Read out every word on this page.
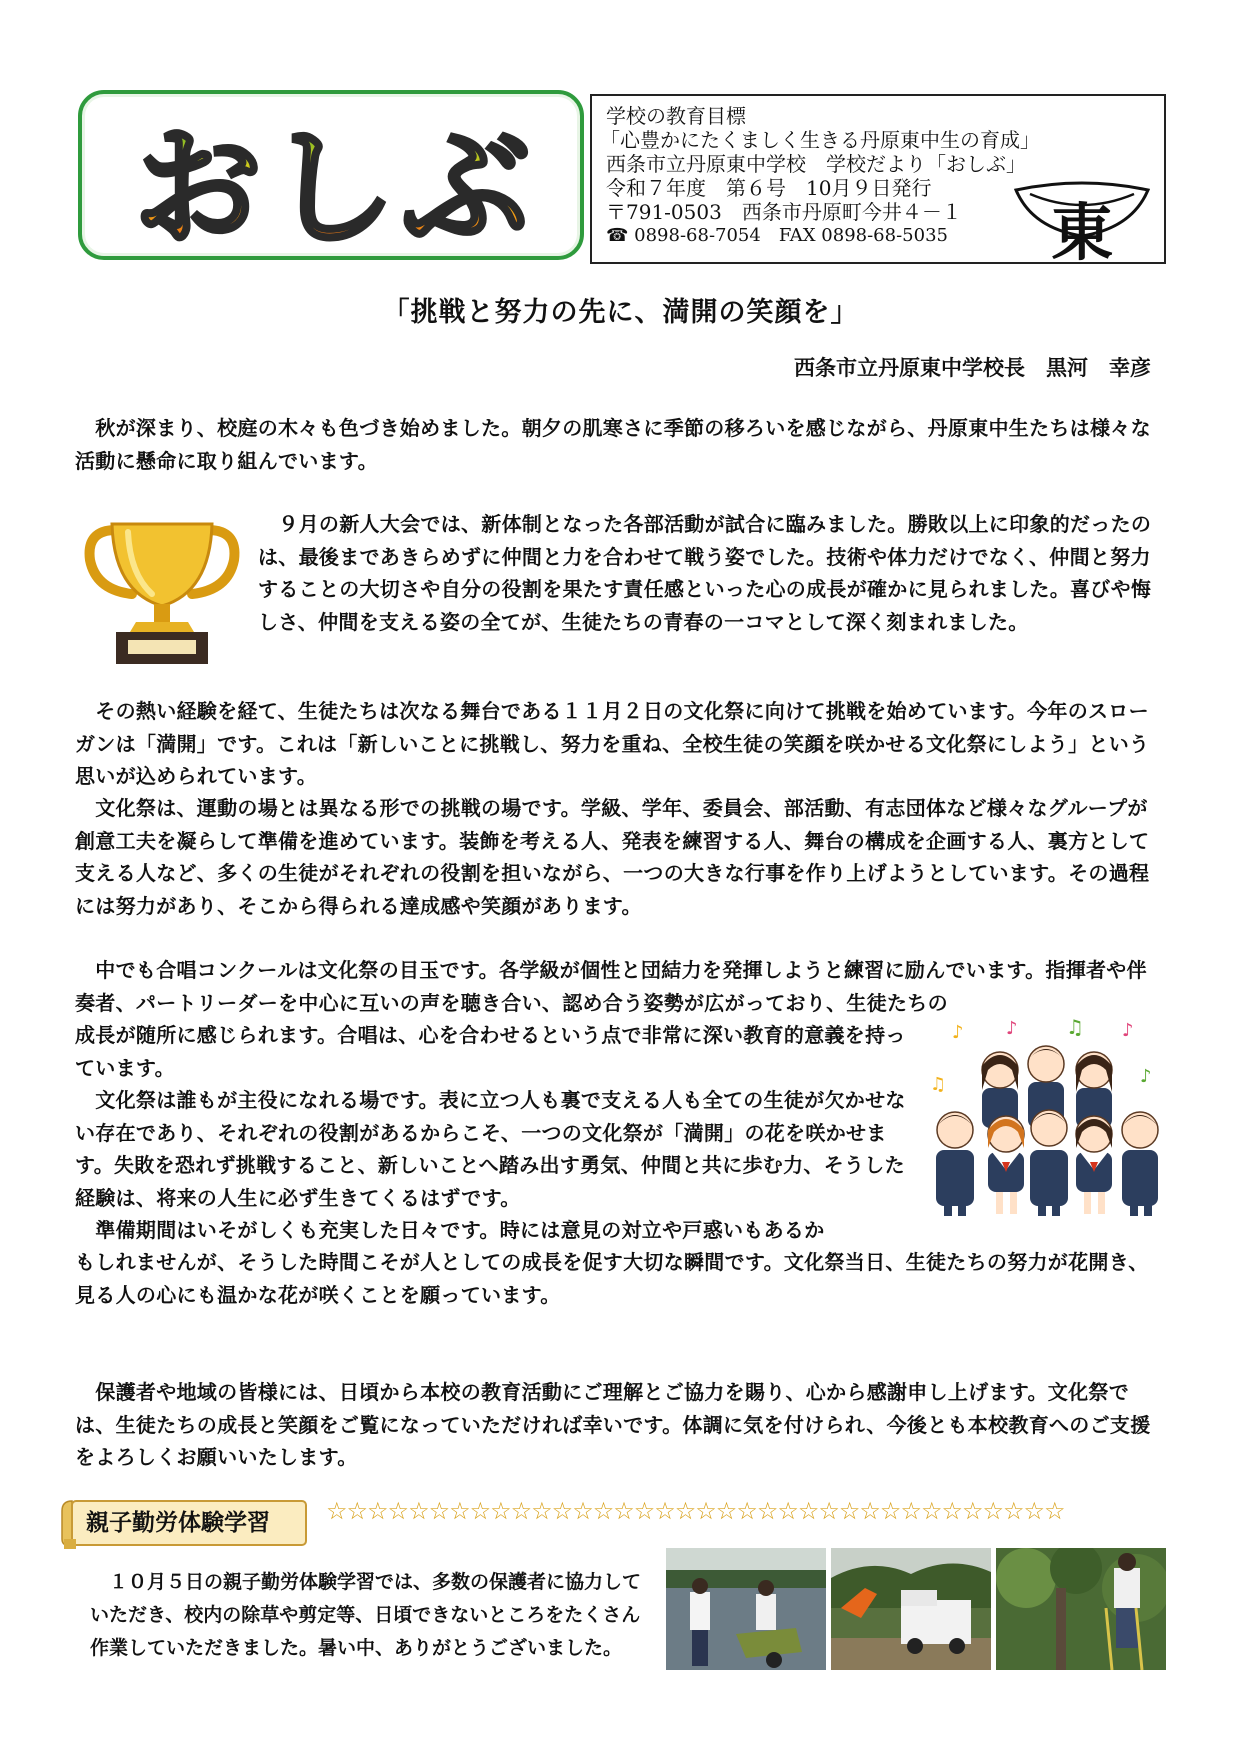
おしぶ	学校の教育目標
「心豊かにたくましく生きる丹原東中生の育成」
西条市立丹原東中学校　学校だより「おしぶ」
令和７年度　第６号　10月９日発行
〒791-0503　西条市丹原町今井４－１
☎ 0898-68-7054　FAX 0898-68-5035 東
「挑戦と努力の先に、満開の笑顔を」
西条市立丹原東中学校長　黒河　幸彦
　秋が深まり、校庭の木々も色づき始めました。朝夕の肌寒さに季節の移ろいを感じながら、丹原東中生たちは様々な活動に懸命に取り組んでいます。
　９月の新人大会では、新体制となった各部活動が試合に臨みました。勝敗以上に印象的だったのは、最後まであきらめずに仲間と力を合わせて戦う姿でした。技術や体力だけでなく、仲間と努力することの大切さや自分の役割を果たす責任感といった心の成長が確かに見られました。喜びや悔しさ、仲間を支える姿の全てが、生徒たちの青春の一コマとして深く刻まれました。
　その熱い経験を経て、生徒たちは次なる舞台である１１月２日の文化祭に向けて挑戦を始めています。今年のスローガンは「満開」です。これは「新しいことに挑戦し、努力を重ね、全校生徒の笑顔を咲かせる文化祭にしよう」という思いが込められています。
　文化祭は、運動の場とは異なる形での挑戦の場です。学級、学年、委員会、部活動、有志団体など様々なグループが創意工夫を凝らして準備を進めています。装飾を考える人、発表を練習する人、舞台の構成を企画する人、裏方として支える人など、多くの生徒がそれぞれの役割を担いながら、一つの大きな行事を作り上げようとしています。その過程には努力があり、そこから得られる達成感や笑顔があります。
　中でも合唱コンクールは文化祭の目玉です。各学級が個性と団結力を発揮しようと練習に励んでいます。指揮者や伴奏者、パートリーダーを中心に互いの声を聴き合い、認め合う姿勢が広がっており、生徒たちの
成長が随所に感じられます。合唱は、心を合わせるという点で非常に深い教育的意義を持っています。
　文化祭は誰もが主役になれる場です。表に立つ人も裏で支える人も全ての生徒が欠かせない存在であり、それぞれの役割があるからこそ、一つの文化祭が「満開」の花を咲かせます。失敗を恐れず挑戦すること、新しいことへ踏み出す勇気、仲間と共に歩む力、そうした経験は、将来の人生に必ず生きてくるはずです。
　準備期間はいそがしくも充実した日々です。時には意見の対立や戸惑いもあるか
もしれませんが、そうした時間こそが人としての成長を促す大切な瞬間です。文化祭当日、生徒たちの努力が花開き、見る人の心にも温かな花が咲くことを願っています。
♪ ♪ ♫ ♪
♫	♪
　保護者や地域の皆様には、日頃から本校の教育活動にご理解とご協力を賜り、心から感謝申し上げます。文化祭では、生徒たちの成長と笑顔をご覧になっていただければ幸いです。体調に気を付けられ、今後とも本校教育へのご支援をよろしくお願いいたします。
親子勤労体験学習 ☆☆☆☆☆☆☆☆☆☆☆☆☆☆☆☆☆☆☆☆☆☆☆☆☆☆☆☆☆☆☆☆☆☆☆☆
　１０月５日の親子勤労体験学習では、多数の保護者に協力していただき、校内の除草や剪定等、日頃できないところをたくさん作業していただきました。暑い中、ありがとうございました。
